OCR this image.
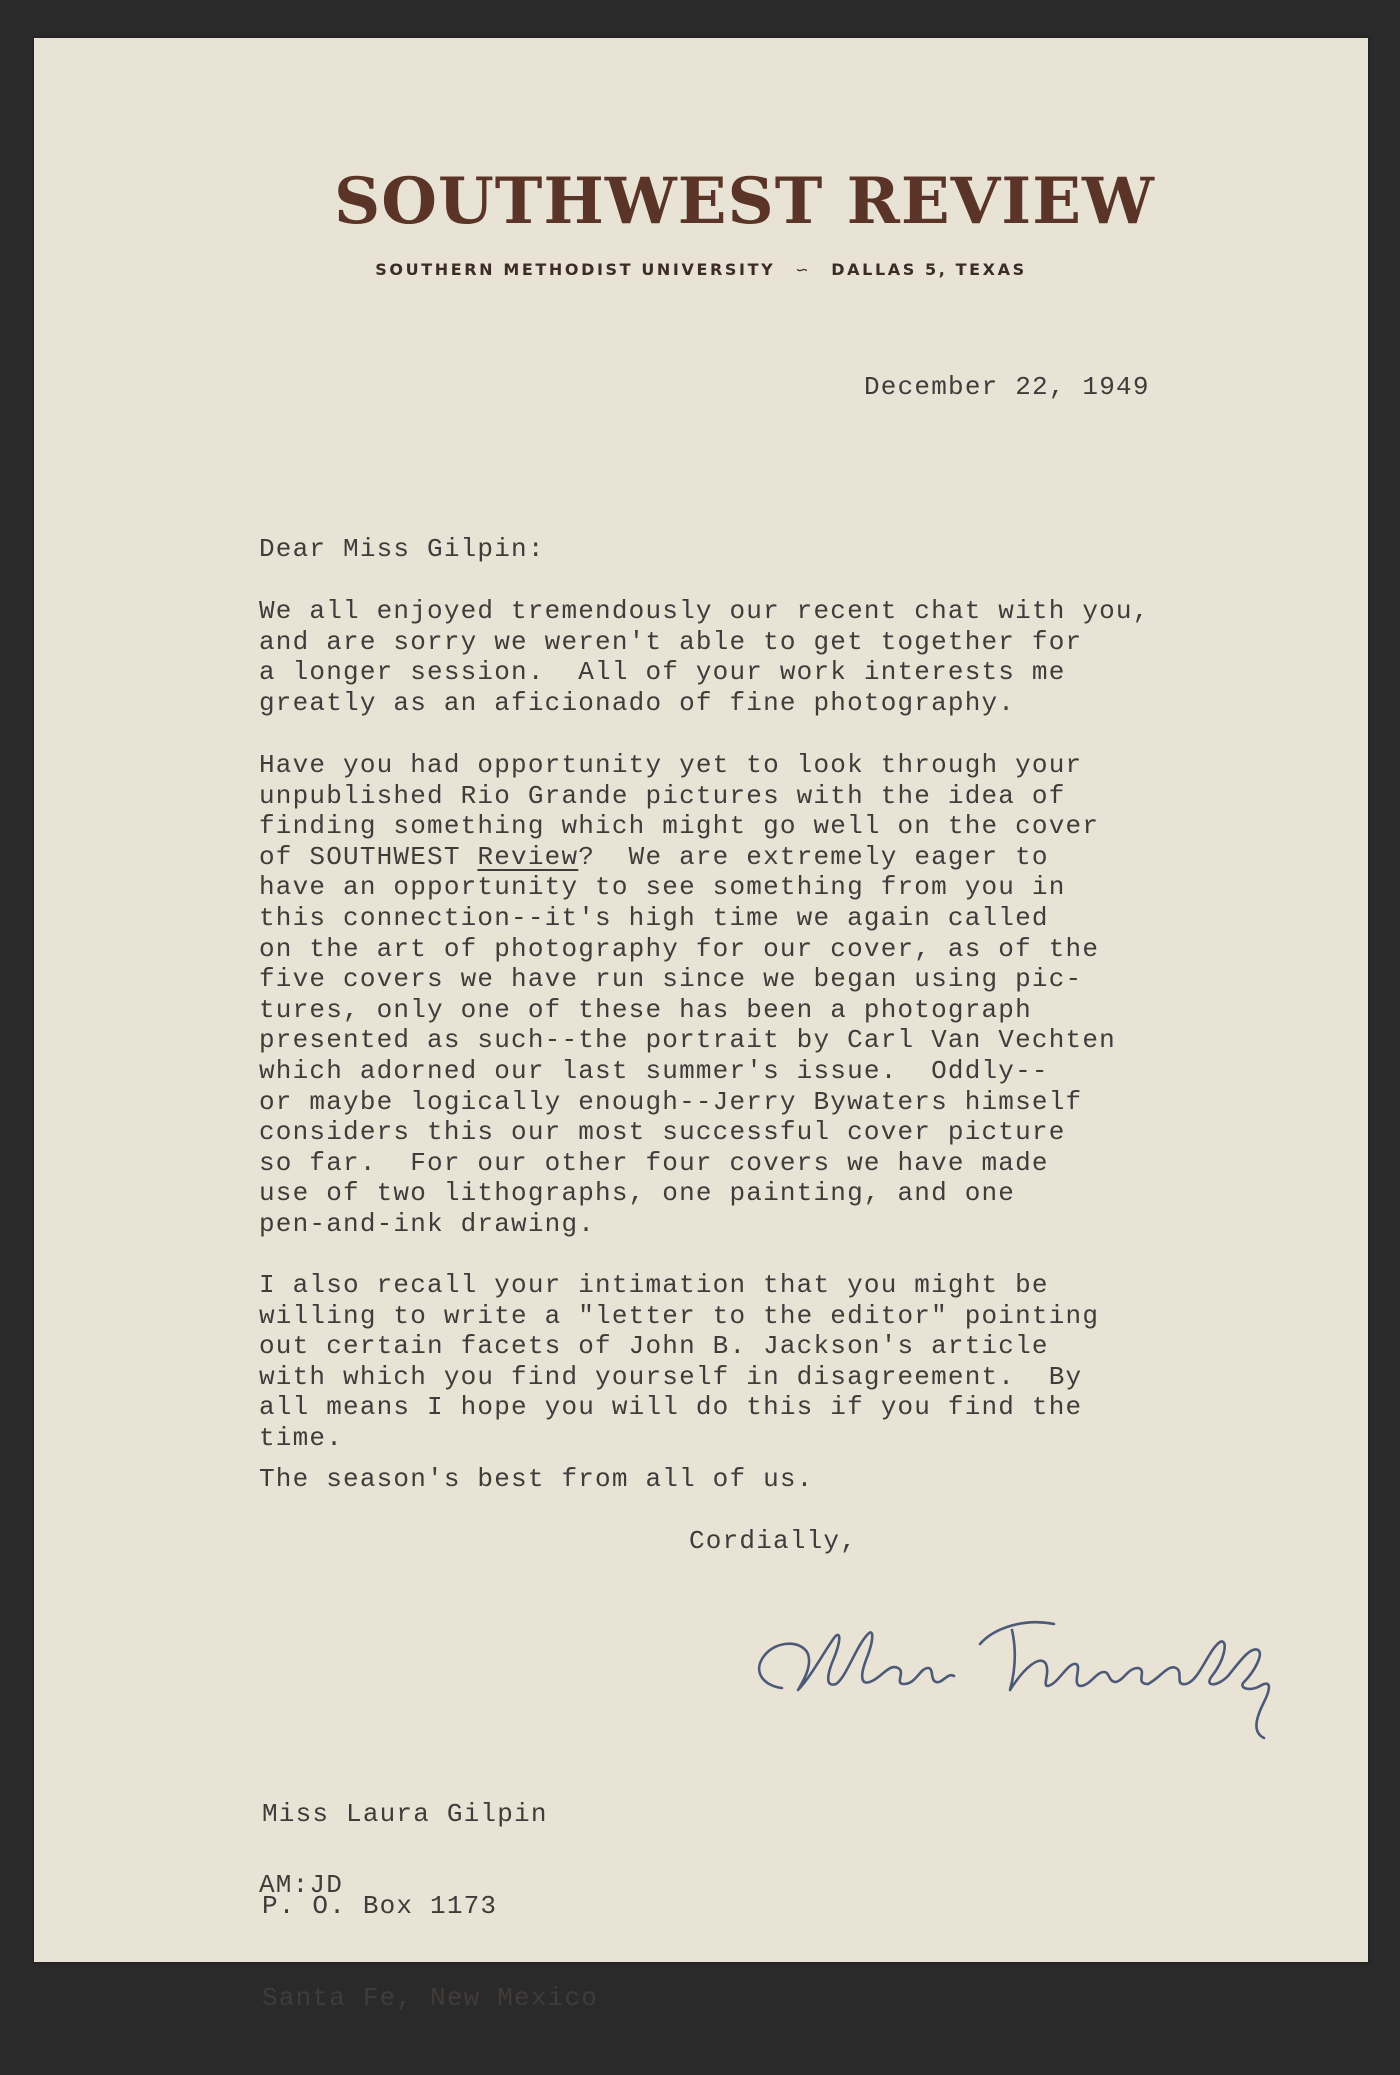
SOUTHWEST REVIEW
SOUTHERN METHODIST UNIVERSITY ∽ DALLAS 5, TEXAS
December 22, 1949
Dear Miss Gilpin:
We all enjoyed tremendously our recent chat with you,
and are sorry we weren't able to get together for
a longer session.  All of your work interests me
greatly as an aficionado of fine photography.
Have you had opportunity yet to look through your
unpublished Rio Grande pictures with the idea of
finding something which might go well on the cover
of SOUTHWEST Review?  We are extremely eager to
have an opportunity to see something from you in
this connection--it's high time we again called
on the art of photography for our cover, as of the
five covers we have run since we began using pic-
tures, only one of these has been a photograph
presented as such--the portrait by Carl Van Vechten
which adorned our last summer's issue.  Oddly--
or maybe logically enough--Jerry Bywaters himself
considers this our most successful cover picture
so far.  For our other four covers we have made
use of two lithographs, one painting, and one
pen-and-ink drawing.
I also recall your intimation that you might be
willing to write a "letter to the editor" pointing
out certain facets of John B. Jackson's article
with which you find yourself in disagreement.  By
all means I hope you will do this if you find the
time.
The season's best from all of us.
Cordially,

Miss Laura Gilpin

P. O. Box 1173

Santa Fe, New Mexico

AM:JD
